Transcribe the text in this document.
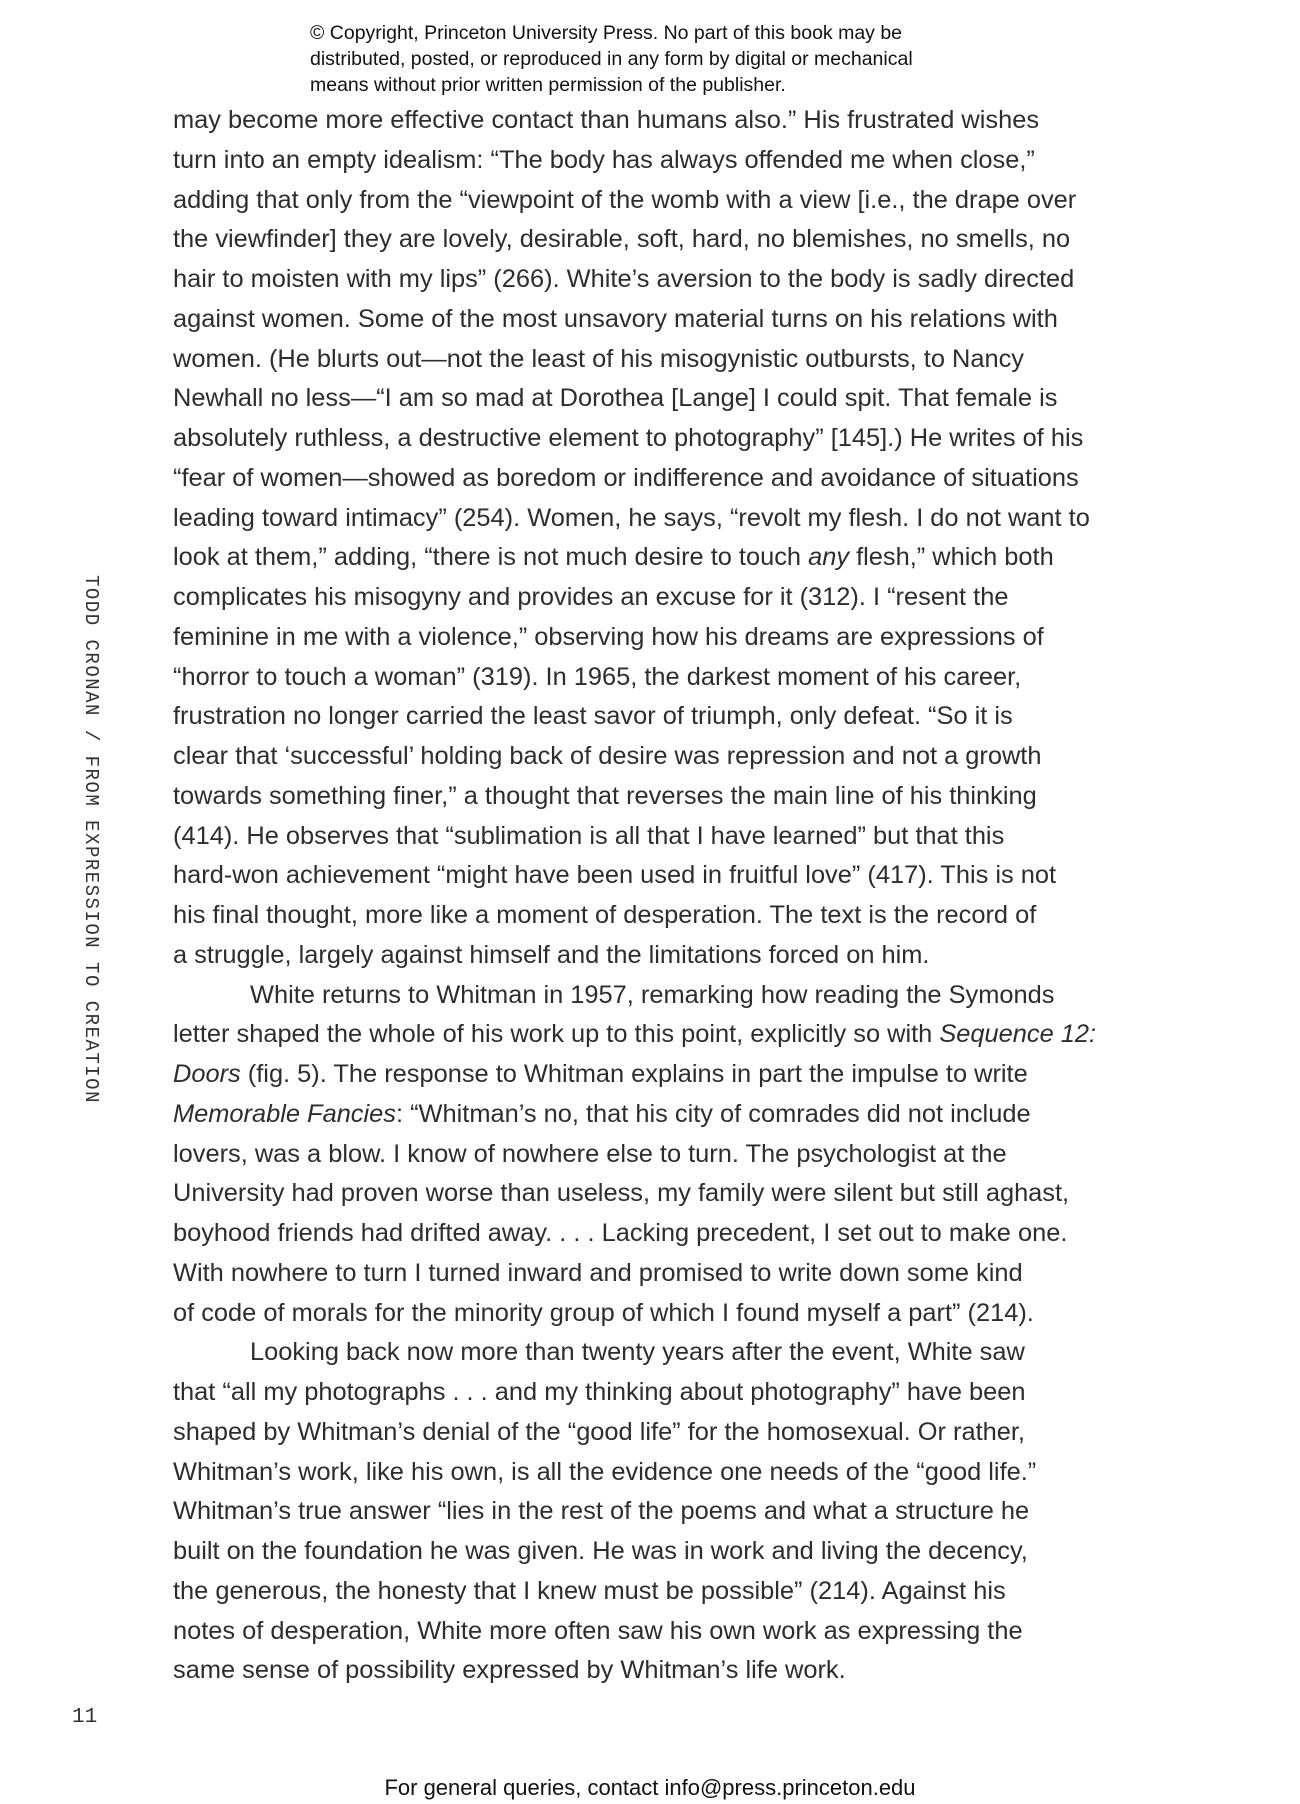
© Copyright, Princeton University Press. No part of this book may be
distributed, posted, or reproduced in any form by digital or mechanical
means without prior written permission of the publisher.
TODD CRONAN / FROM EXPRESSION TO CREATION
may become more effective contact than humans also.” His frustrated wishes
turn into an empty idealism: “The body has always offended me when close,”
adding that only from the “viewpoint of the womb with a view [i.e., the drape over
the viewfinder] they are lovely, desirable, soft, hard, no blemishes, no smells, no
hair to moisten with my lips” (266). White’s aversion to the body is sadly directed
against women. Some of the most unsavory material turns on his relations with
women. (He blurts out—not the least of his misogynistic outbursts, to Nancy
Newhall no less—“I am so mad at Dorothea [Lange] I could spit. That female is
absolutely ruthless, a destructive element to photography” [145].) He writes of his
“fear of women—showed as boredom or indifference and avoidance of situations
leading toward intimacy” (254). Women, he says, “revolt my flesh. I do not want to
look at them,” adding, “there is not much desire to touch any flesh,” which both
complicates his misogyny and provides an excuse for it (312). I “resent the
feminine in me with a violence,” observing how his dreams are expressions of
“horror to touch a woman” (319). In 1965, the darkest moment of his career,
frustration no longer carried the least savor of triumph, only defeat. “So it is
clear that ‘successful’ holding back of desire was repression and not a growth
towards something finer,” a thought that reverses the main line of his thinking
(414). He observes that “sublimation is all that I have learned” but that this
hard-won achievement “might have been used in fruitful love” (417). This is not
his final thought, more like a moment of desperation. The text is the record of
a struggle, largely against himself and the limitations forced on him.
White returns to Whitman in 1957, remarking how reading the Symonds
letter shaped the whole of his work up to this point, explicitly so with Sequence 12:
Doors (fig. 5). The response to Whitman explains in part the impulse to write
Memorable Fancies: “Whitman’s no, that his city of comrades did not include
lovers, was a blow. I know of nowhere else to turn. The psychologist at the
University had proven worse than useless, my family were silent but still aghast,
boyhood friends had drifted away. . . . Lacking precedent, I set out to make one.
With nowhere to turn I turned inward and promised to write down some kind
of code of morals for the minority group of which I found myself a part” (214).
Looking back now more than twenty years after the event, White saw
that “all my photographs . . . and my thinking about photography” have been
shaped by Whitman’s denial of the “good life” for the homosexual. Or rather,
Whitman’s work, like his own, is all the evidence one needs of the “good life.”
Whitman’s true answer “lies in the rest of the poems and what a structure he
built on the foundation he was given. He was in work and living the decency,
the generous, the honesty that I knew must be possible” (214). Against his
notes of desperation, White more often saw his own work as expressing the
same sense of possibility expressed by Whitman’s life work.
11
For general queries, contact info@press.princeton.edu
